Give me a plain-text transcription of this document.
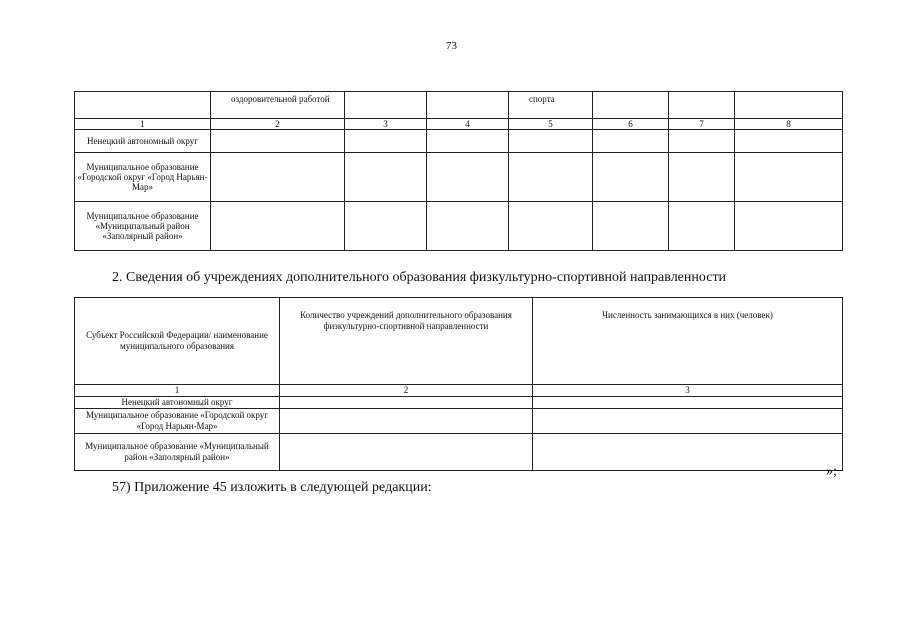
73
	оздоровительной работой			спорта			
1	2	3	4	5	6	7	8
Ненецкий автономный округ							
Муниципальное образование «Городской округ «Город Нарьян-Мар»							
Муниципальное образование «Муниципальный район «Заполярный район»							
2. Сведения об учреждениях дополнительного образования физкультурно-спортивной направленности
Субъект Российской Федерации/ наименование муниципального образования	Количество учреждений дополнительного образования физкультурно-спортивной направленности	Численность занимающихся в них (человек)
1	2	3
Ненецкий автономный округ		
Муниципальное образование «Городской округ «Город Нарьян-Мар»		
Муниципальное образование «Муниципальный район «Заполярный район»		
»;
57) Приложение 45 изложить в следующей редакции:
